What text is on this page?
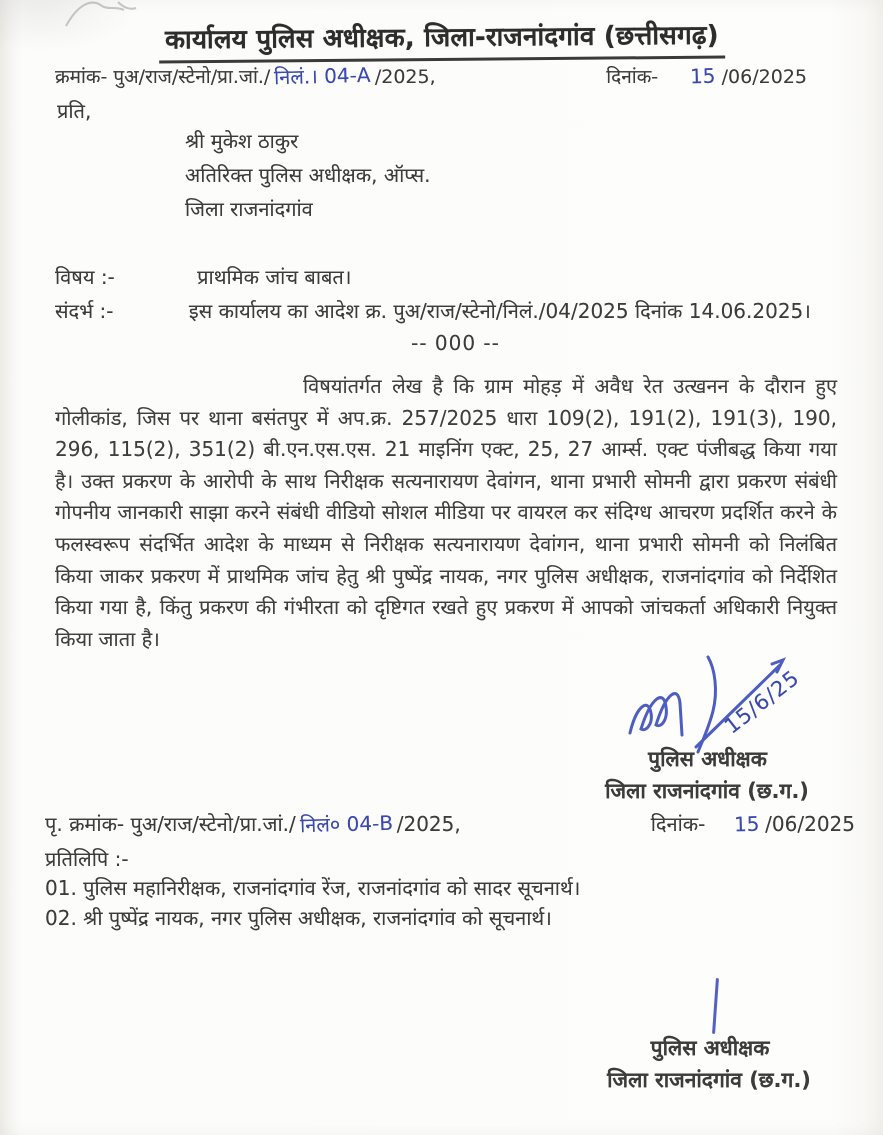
कार्यालय पुलिस अधीक्षक, जिला-राजनांदगांव (छत्तीसगढ़)
क्रमांक- पुअ/राज/स्टेनो/प्रा.जां./ निलं.। 04-A /2025,	दिनांक- 15 /06/2025
प्रति,
श्री मुकेश ठाकुर
अतिरिक्त पुलिस अधीक्षक, ऑप्स.
जिला राजनांदगांव
विषय :-	प्राथमिक जांच बाबत।
संदर्भ :-	इस कार्यालय का आदेश क्र. पुअ/राज/स्टेनो/निलं./04/2025 दिनांक 14.06.2025।
-- 000 --
विषयांतर्गत लेख है कि ग्राम मोहड़ में अवैध रेत उत्खनन के दौरान हुए गोलीकांड, जिस पर थाना बसंतपुर में अप.क्र. 257/2025 धारा 109(2), 191(2), 191(3), 190, 296, 115(2), 351(2) बी.एन.एस.एस. 21 माइनिंग एक्ट, 25, 27 आर्म्स. एक्ट पंजीबद्ध किया गया है। उक्त प्रकरण के आरोपी के साथ निरीक्षक सत्यनारायण देवांगन, थाना प्रभारी सोमनी द्वारा प्रकरण संबंधी गोपनीय जानकारी साझा करने संबंधी वीडियो सोशल मीडिया पर वायरल कर संदिग्ध आचरण प्रदर्शित करने के फलस्वरूप संदर्भित आदेश के माध्यम से निरीक्षक सत्यनारायण देवांगन, थाना प्रभारी सोमनी को निलंबित किया जाकर प्रकरण में प्राथमिक जांच हेतु श्री पुष्पेंद्र नायक, नगर पुलिस अधीक्षक, राजनांदगांव को निर्देशित किया गया है, किंतु प्रकरण की गंभीरता को दृष्टिगत रखते हुए प्रकरण में आपको जांचकर्ता अधिकारी नियुक्त किया जाता है।
15/6/25
पुलिस अधीक्षक
जिला राजनांदगांव (छ.ग.)
पृ. क्रमांक- पुअ/राज/स्टेनो/प्रा.जां./ निलं० 04-B /2025,	दिनांक- 15 /06/2025
प्रतिलिपि :-
01. पुलिस महानिरीक्षक, राजनांदगांव रेंज, राजनांदगांव को सादर सूचनार्थ।
02. श्री पुष्पेंद्र नायक, नगर पुलिस अधीक्षक, राजनांदगांव को सूचनार्थ।
पुलिस अधीक्षक
जिला राजनांदगांव (छ.ग.)
